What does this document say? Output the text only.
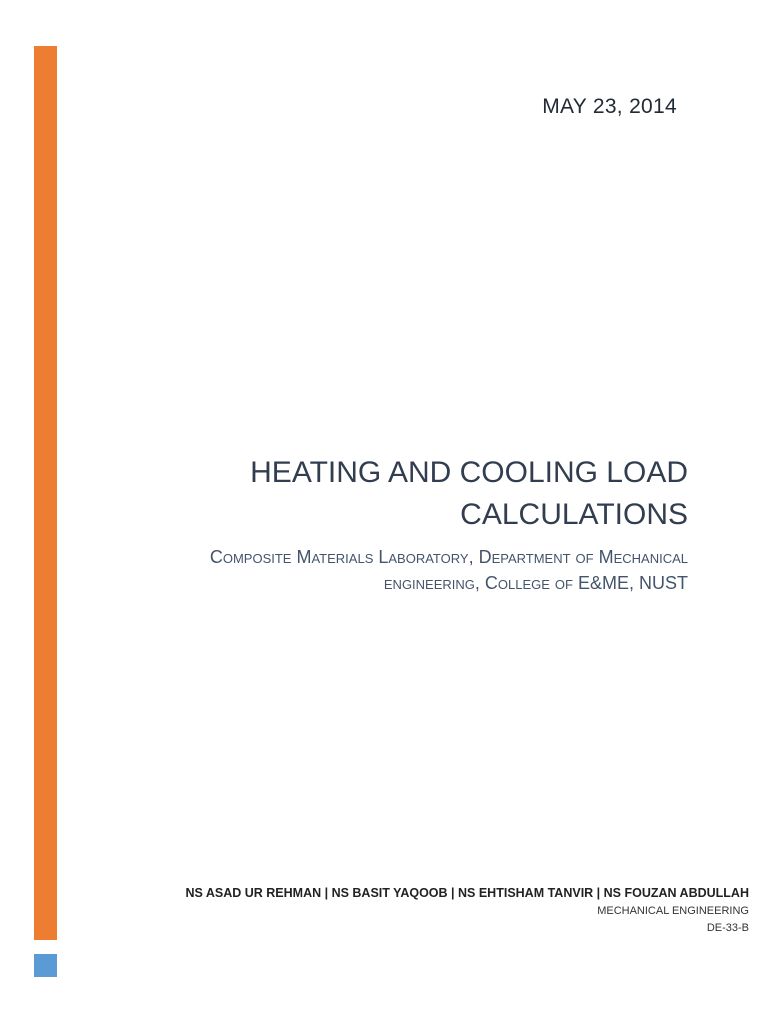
MAY 23, 2014
HEATING AND COOLING LOAD
CALCULATIONS
Composite Materials Laboratory, Department of Mechanical
engineering, College of E&ME, NUST
NS ASAD UR REHMAN | NS BASIT YAQOOB | NS EHTISHAM TANVIR | NS FOUZAN ABDULLAH
MECHANICAL ENGINEERING
DE-33-B
